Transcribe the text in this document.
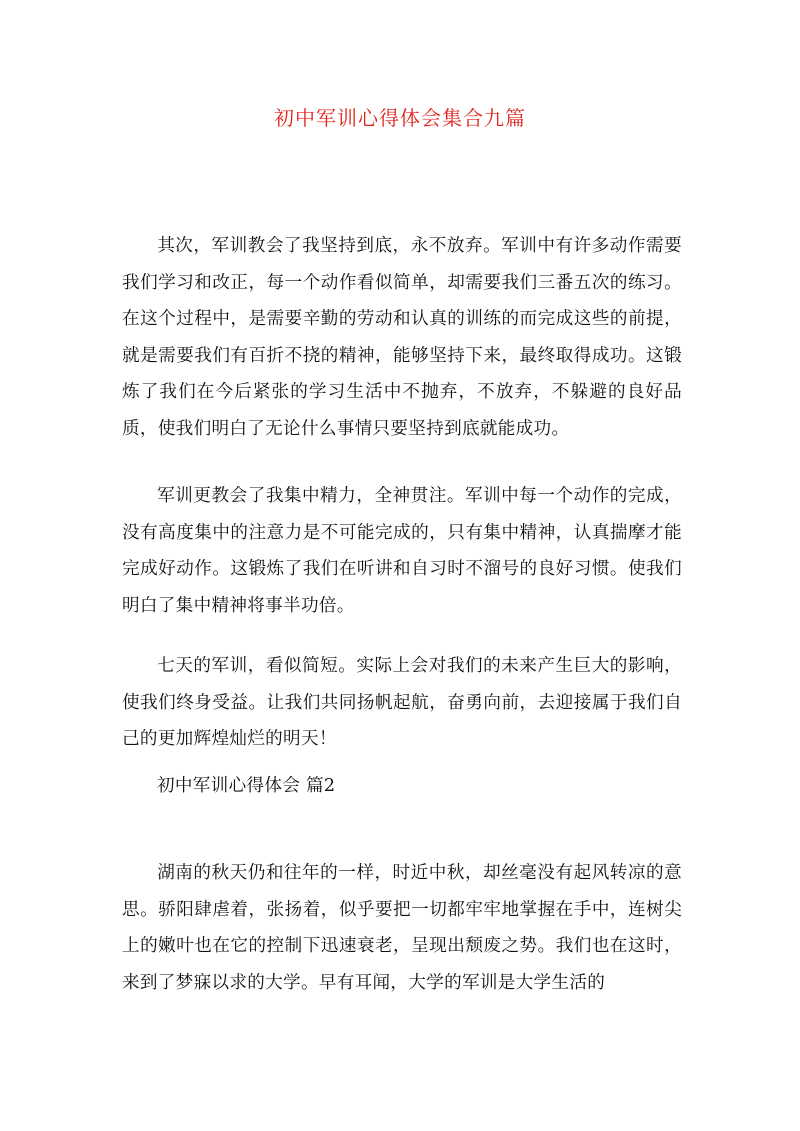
初中军训心得体会集合九篇

其次，军训教会了我坚持到底，永不放弃。军训中有许多动作需要我们学习和改正，每一个动作看似简单，却需要我们三番五次的练习。在这个过程中，是需要辛勤的劳动和认真的训练的而完成这些的前提，就是需要我们有百折不挠的精神，能够坚持下来，最终取得成功。这锻炼了我们在今后紧张的学习生活中不抛弃，不放弃，不躲避的良好品质，使我们明白了无论什么事情只要坚持到底就能成功。

军训更教会了我集中精力，全神贯注。军训中每一个动作的完成，没有高度集中的注意力是不可能完成的，只有集中精神，认真揣摩才能完成好动作。这锻炼了我们在听讲和自习时不溜号的良好习惯。使我们明白了集中精神将事半功倍。

七天的军训，看似简短。实际上会对我们的未来产生巨大的影响，使我们终身受益。让我们共同扬帆起航，奋勇向前，去迎接属于我们自己的更加辉煌灿烂的明天！

初中军训心得体会 篇2

湖南的秋天仍和往年的一样，时近中秋，却丝毫没有起风转凉的意思。骄阳肆虐着，张扬着，似乎要把一切都牢牢地掌握在手中，连树尖上的嫩叶也在它的控制下迅速衰老，呈现出颓废之势。我们也在这时，来到了梦寐以求的大学。早有耳闻，大学的军训是大学生活的
